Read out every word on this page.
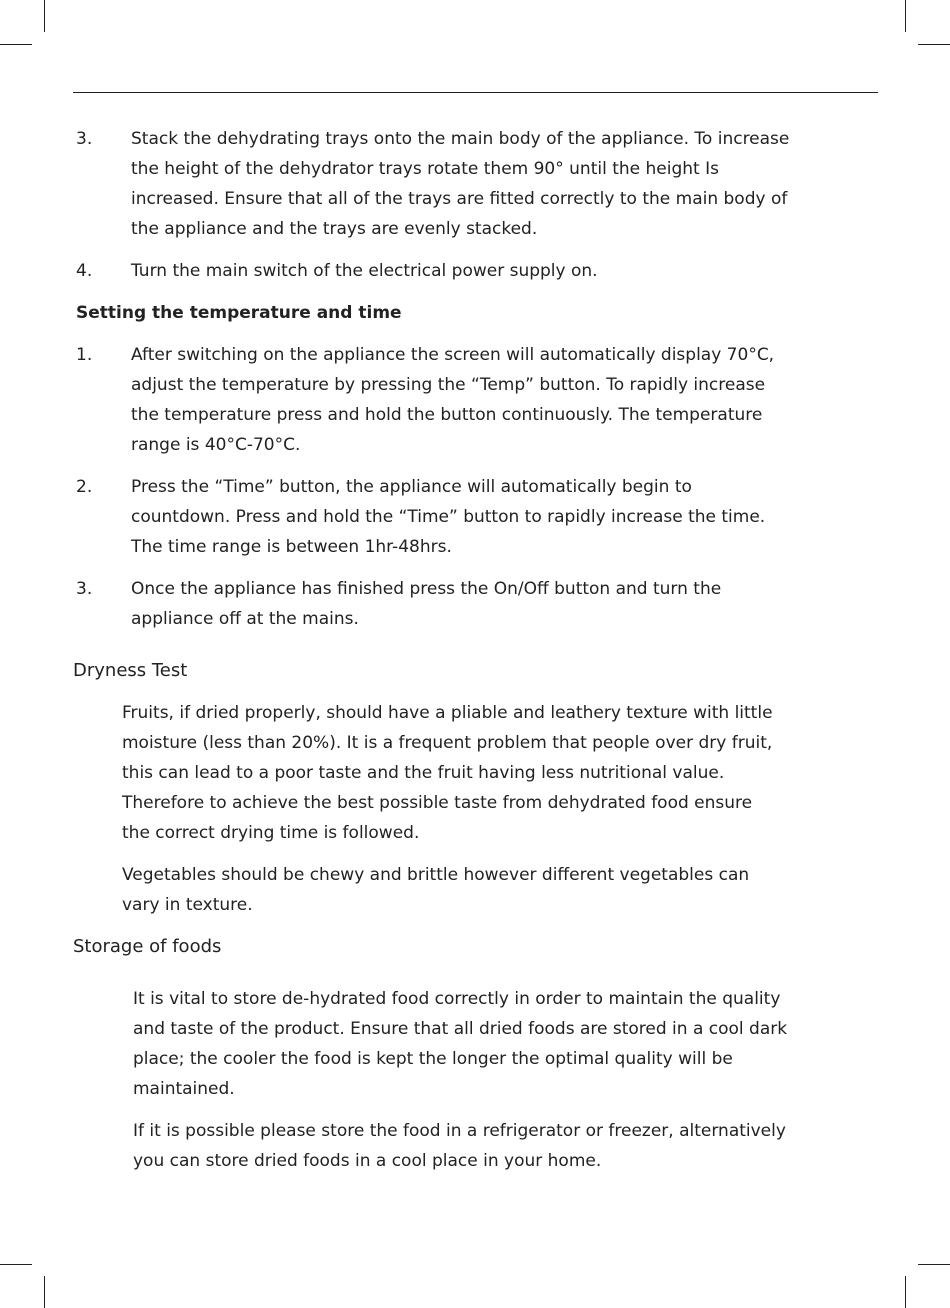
3. Stack the dehydrating trays onto the main body of the appliance. To increase the height of the dehydrator trays rotate them 90° until the height Is increased. Ensure that all of the trays are fitted correctly to the main body of the appliance and the trays are evenly stacked.

4. Turn the main switch of the electrical power supply on.

Setting the temperature and time

1. After switching on the appliance the screen will automatically display 70°C, adjust the temperature by pressing the “Temp” button. To rapidly increase the temperature press and hold the button continuously. The temperature range is 40°C-70°C.

2. Press the “Time” button, the appliance will automatically begin to countdown. Press and hold the “Time” button to rapidly increase the time. The time range is between 1hr-48hrs.

3. Once the appliance has finished press the On/Off button and turn the appliance off at the mains.

Dryness Test

Fruits, if dried properly, should have a pliable and leathery texture with little moisture (less than 20%). It is a frequent problem that people over dry fruit, this can lead to a poor taste and the fruit having less nutritional value. Therefore to achieve the best possible taste from dehydrated food ensure the correct drying time is followed.

Vegetables should be chewy and brittle however different vegetables can vary in texture.

Storage of foods

It is vital to store de-hydrated food correctly in order to maintain the quality and taste of the product. Ensure that all dried foods are stored in a cool dark place; the cooler the food is kept the longer the optimal quality will be maintained.

If it is possible please store the food in a refrigerator or freezer, alternatively you can store dried foods in a cool place in your home.
